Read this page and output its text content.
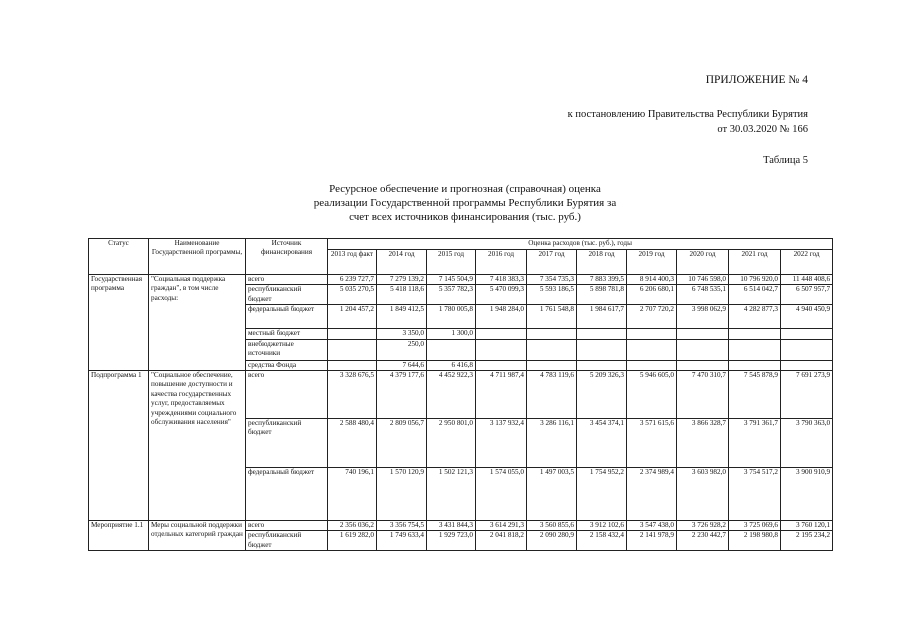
ПРИЛОЖЕНИЕ № 4
к постановлению Правительства Республики Бурятия
от 30.03.2020 № 166
Таблица 5
Ресурсное обеспечение и прогнозная (справочная) оценка
реализации Государственной программы Республики Бурятия за
счет всех источников финансирования (тыс. руб.)
Статус	Наименование Государственной программы,	Источник финансирования	Оценка расходов (тыс. руб.), годы									
			2013 год факт	2014 год	2015 год	2016 год	2017 год	2018 год	2019 год	2020 год	2021 год	2022 год
Государственная программа	"Социальная поддержка граждан", в том числе расходы:	всего	6 239 727,7	7 279 139,2	7 145 504,9	7 418 383,3	7 354 735,3	7 883 399,5	8 914 400,3	10 746 598,0	10 796 920,0	11 448 408,6
		республиканский бюджет	5 035 270,5	5 418 118,6	5 357 782,3	5 470 099,3	5 593 186,5	5 898 781,8	6 206 680,1	6 748 535,1	6 514 042,7	6 507 957,7
		федеральный бюджет	1 204 457,2	1 849 412,5	1 780 005,8	1 948 284,0	1 761 548,8	1 984 617,7	2 707 720,2	3 998 062,9	4 282 877,3	4 940 450,9
		местный бюджет		3 350,0	1 300,0							
		внебюджетные источники		250,0								
		средства Фонда		7 644,6	6 416,8							
Подпрограмма 1	"Социальное обеспечение, повышение доступности и качества государственных услуг, предоставляемых учреждениями социального обслуживания населения"	всего	3 328 676,5	4 379 177,6	4 452 922,3	4 711 987,4	4 783 119,6	5 209 326,3	5 946 605,0	7 470 310,7	7 545 878,9	7 691 273,9
		республиканский бюджет	2 588 480,4	2 809 056,7	2 950 801,0	3 137 932,4	3 286 116,1	3 454 374,1	3 571 615,6	3 866 328,7	3 791 361,7	3 790 363,0
		федеральный бюджет	740 196,1	1 570 120,9	1 502 121,3	1 574 055,0	1 497 003,5	1 754 952,2	2 374 989,4	3 603 982,0	3 754 517,2	3 900 910,9
Мероприятие 1.1	Меры социальной поддержки отдельных категорий граждан	всего	2 356 036,2	3 356 754,5	3 431 844,3	3 614 291,3	3 560 855,6	3 912 102,6	3 547 438,0	3 726 928,2	3 725 069,6	3 760 120,1
		республиканский бюджет	1 619 282,0	1 749 633,4	1 929 723,0	2 041 818,2	2 090 280,9	2 158 432,4	2 141 978,9	2 230 442,7	2 198 980,8	2 195 234,2
